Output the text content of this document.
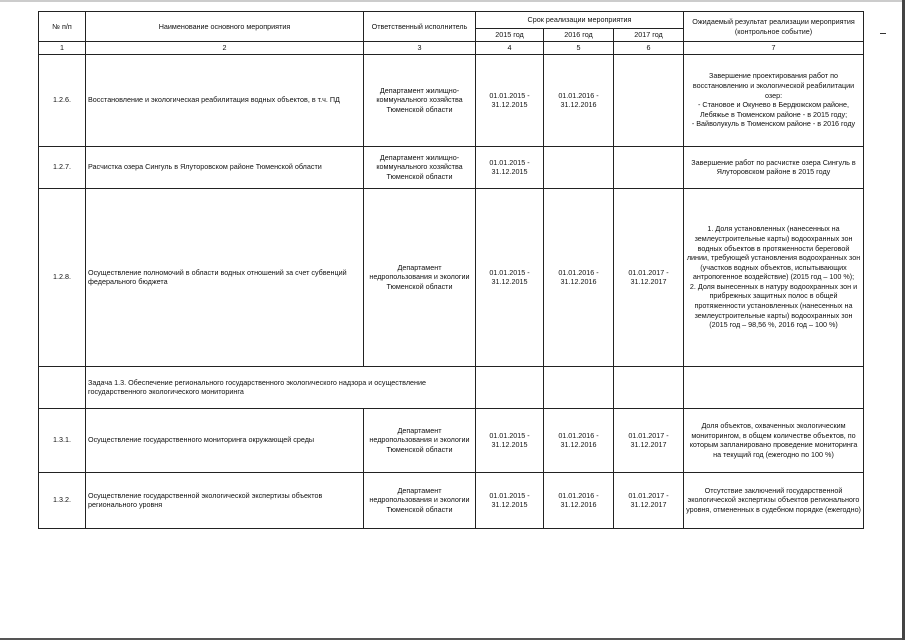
№ п/п	Наименование основного мероприятия	Ответственный исполнитель	Срок реализации мероприятия			Ожидаемый результат реализации мероприятия (контрольное событие)
			2015 год	2016 год	2017 год	
1	2	3	4	5	6	7
1.2.6.	Восстановление и экологическая реабилитация водных объектов, в т.ч. ПД	Департамент жилищно-коммунального хозяйства Тюменской области	01.01.2015 - 31.12.2015	01.01.2016 - 31.12.2016		Завершение проектирования работ по восстановлению и экологической реабилитации озер:
- Становое и Окунево в Бердюжском районе, Лебяжье в Тюменском районе - в 2015 году;
- Вайволукуль в Тюменском районе - в 2016 году

1.2.7.	Расчистка озера Сингуль в Ялуторовском районе Тюменской области	Департамент жилищно-коммунального хозяйства Тюменской области	01.01.2015 - 31.12.2015			Завершение работ по расчистке озера Сингуль в Ялуторовском районе в 2015 году

1.2.8.	Осуществление полномочий в области водных отношений за счет субвенций федерального бюджета	Департамент недропользования и экологии Тюменской области	01.01.2015 - 31.12.2015	01.01.2016 - 31.12.2016	01.01.2017 - 31.12.2017	1. Доля установленных (нанесенных на землеустроительные карты) водоохранных зон водных объектов в протяженности береговой линии, требующей установления водоохранных зон (участков водных объектов, испытывающих антропогенное воздействие) (2015 год – 100 %);
2. Доля вынесенных в натуру водоохранных зон и прибрежных защитных полос в общей протяженности установленных (нанесенных на землеустроительные карты) водоохранных зон (2015 год – 98,56 %, 2016 год – 100 %)

	Задача 1.3. Обеспечение регионального государственного экологического надзора и осуществление государственного экологического мониторинга					
1.3.1.	Осуществление государственного мониторинга окружающей среды	Департамент недропользования и экологии Тюменской области	01.01.2015 - 31.12.2015	01.01.2016 - 31.12.2016	01.01.2017 - 31.12.2017	Доля объектов, охваченных экологическим мониторингом, в общем количестве объектов, по которым запланировано проведение мониторинга на текущий год (ежегодно по 100 %)

1.3.2.	Осуществление государственной экологической экспертизы объектов регионального уровня	Департамент недропользования и экологии Тюменской области	01.01.2015 - 31.12.2015	01.01.2016 - 31.12.2016	01.01.2017 - 31.12.2017	Отсутствие заключений государственной экологической экспертизы объектов регионального уровня, отмененных в судебном порядке (ежегодно)
